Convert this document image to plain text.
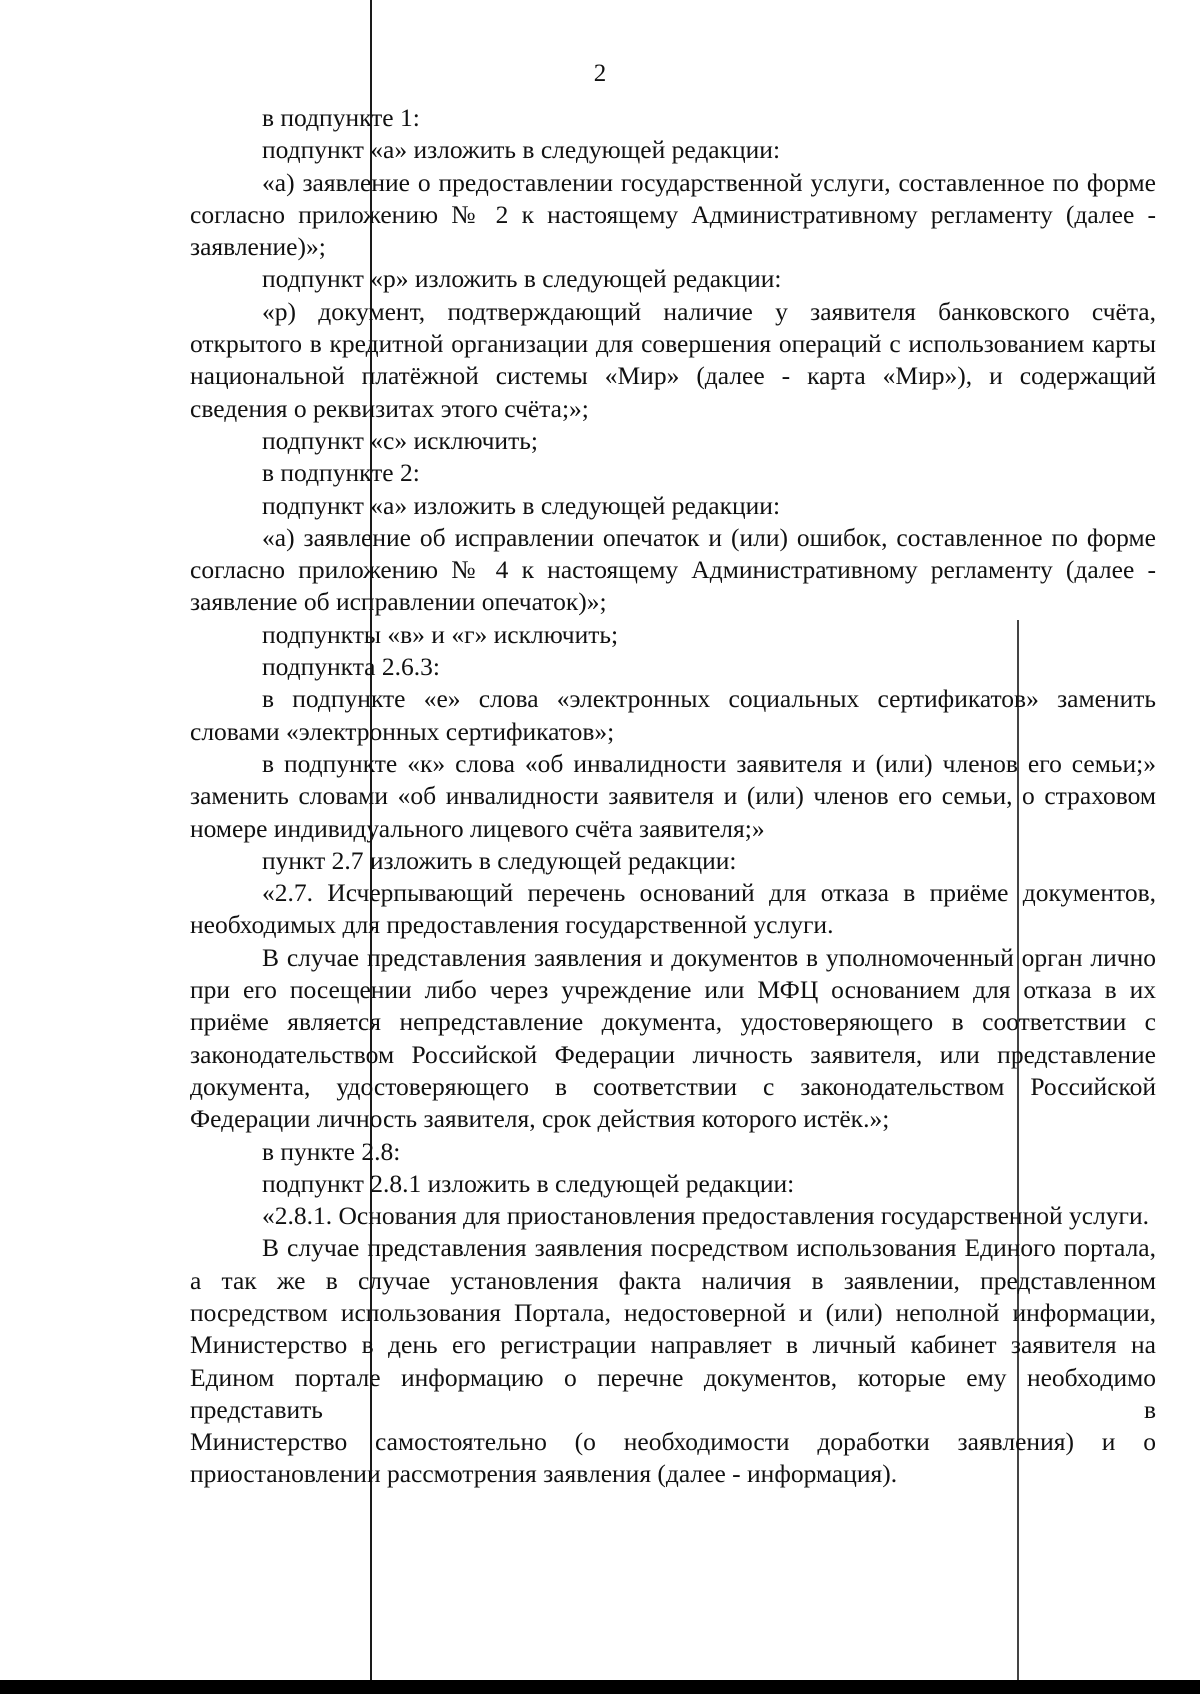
2

в подпункте 1:

подпункт «а» изложить в следующей редакции:

«а) заявление о предоставлении государственной услуги, составленное по форме согласно приложению № 2 к настоящему Административному регламенту (далее - заявление)»;

подпункт «р» изложить в следующей редакции:

«р) документ, подтверждающий наличие у заявителя банковского счёта, открытого в кредитной организации для совершения операций с использованием карты национальной платёжной системы «Мир» (далее - карта «Мир»), и содержащий сведения о реквизитах этого счёта;»;

подпункт «с» исключить;

в подпункте 2:

подпункт «а» изложить в следующей редакции:

«а) заявление об исправлении опечаток и (или) ошибок, составленное по форме согласно приложению № 4 к настоящему Административному регламенту (далее - заявление об исправлении опечаток)»;

подпункты «в» и «г» исключить;

подпункта 2.6.3:

в подпункте «е» слова «электронных социальных сертификатов» заменить словами «электронных сертификатов»;

в подпункте «к» слова «об инвалидности заявителя и (или) членов его семьи;» заменить словами «об инвалидности заявителя и (или) членов его семьи, о страховом номере индивидуального лицевого счёта заявителя;»

пункт 2.7 изложить в следующей редакции:

«2.7. Исчерпывающий перечень оснований для отказа в приёме документов, необходимых для предоставления государственной услуги.

В случае представления заявления и документов в уполномоченный орган лично при его посещении либо через учреждение или МФЦ основанием для отказа в их приёме является непредставление документа, удостоверяющего в соответствии с законодательством Российской Федерации личность заявителя, или представление документа, удостоверяющего в соответствии с законодательством Российской Федерации личность заявителя, срок действия которого истёк.»;

в пункте 2.8:

подпункт 2.8.1 изложить в следующей редакции:

«2.8.1. Основания для приостановления предоставления государственной услуги.

В случае представления заявления посредством использования Единого портала, а так же в случае установления факта наличия в заявлении, представленном посредством использования Портала, недостоверной и (или) неполной информации, Министерство в день его регистрации направляет в личный кабинет заявителя на Едином портале информацию о перечне документов, которые ему необходимо представить в

Министерство самостоятельно (о необходимости доработки заявления) и о приостановлении рассмотрения заявления (далее - информация).
